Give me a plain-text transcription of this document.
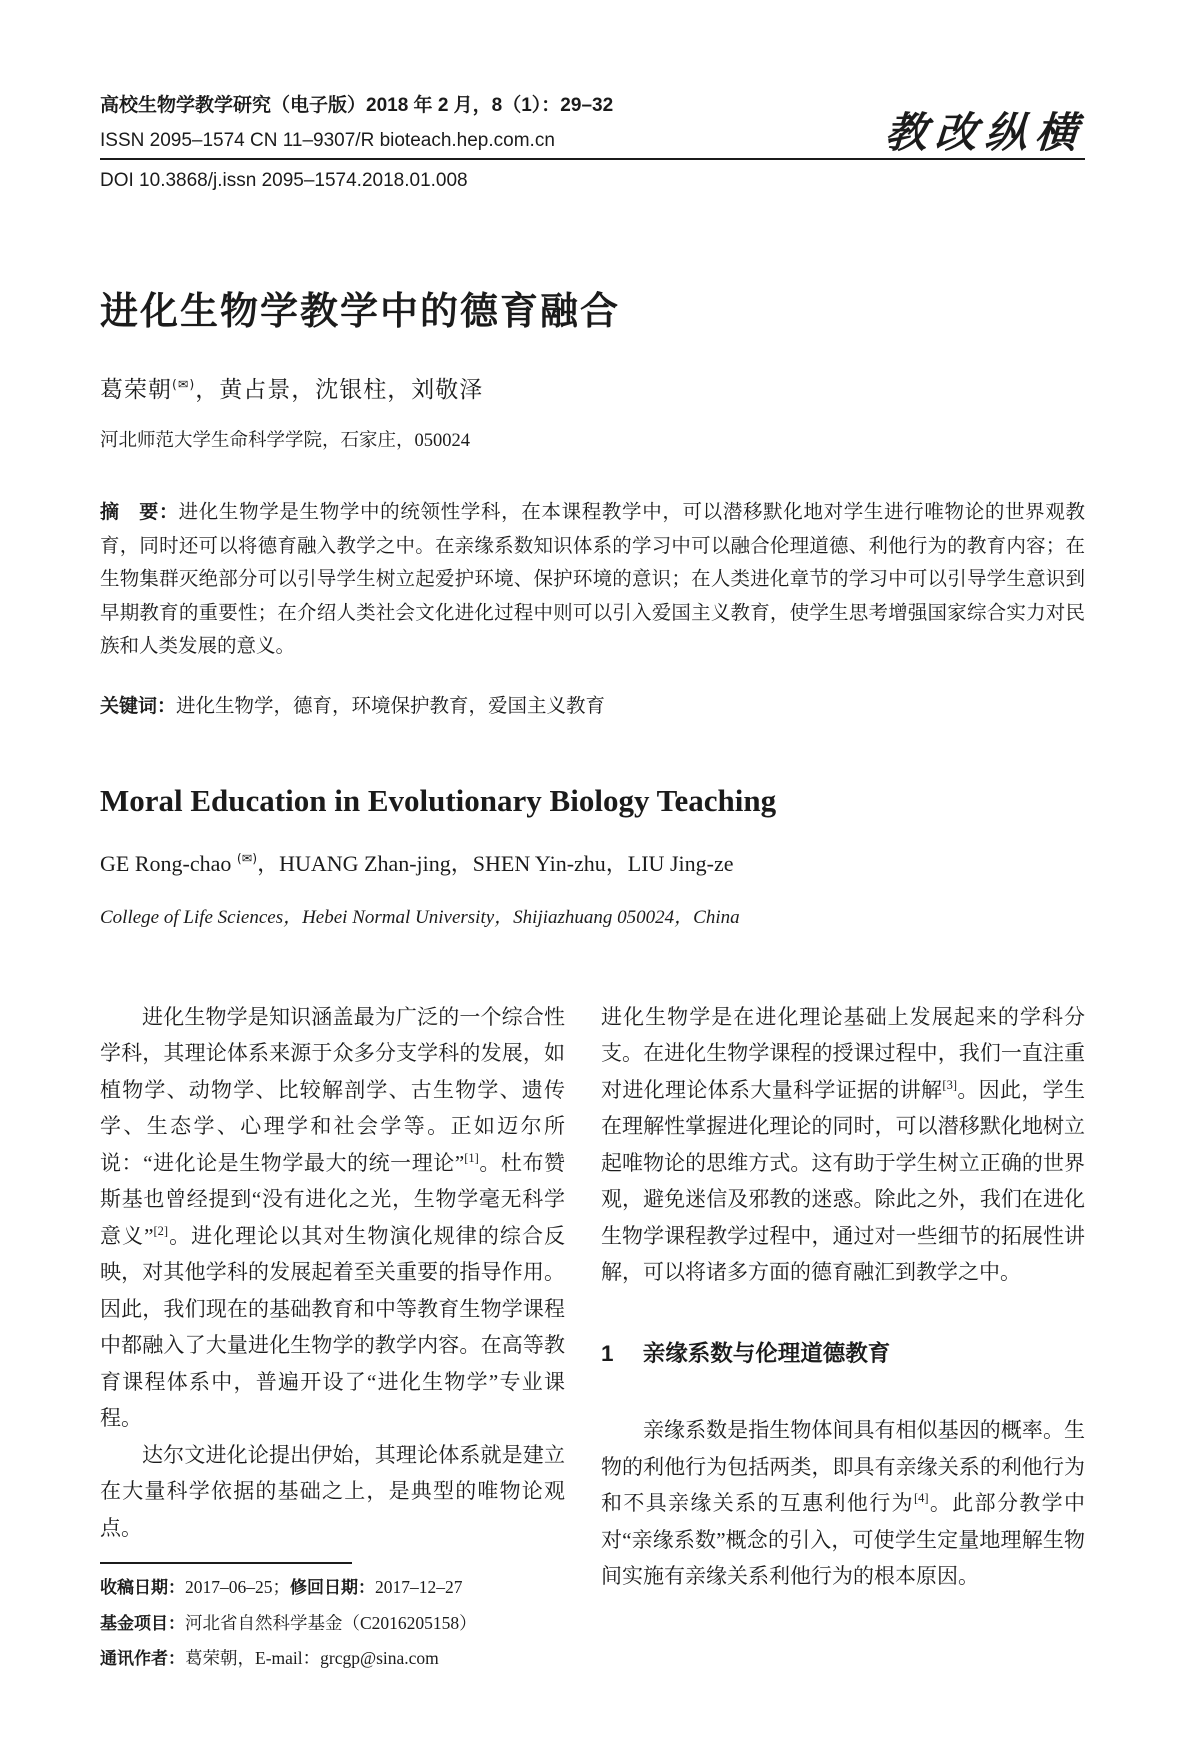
高校生物学教学研究（电子版）2018 年 2 月，8（1）：29–32
ISSN 2095–1574 CN 11–9307/R bioteach.hep.com.cn	教改纵横
DOI 10.3868/j.issn 2095–1574.2018.01.008
进化生物学教学中的德育融合
葛荣朝(✉)，黄占景，沈银柱，刘敬泽
河北师范大学生命科学学院，石家庄，050024
摘　要：进化生物学是生物学中的统领性学科，在本课程教学中，可以潜移默化地对学生进行唯物论的世界观教育，同时还可以将德育融入教学之中。在亲缘系数知识体系的学习中可以融合伦理道德、利他行为的教育内容；在生物集群灭绝部分可以引导学生树立起爱护环境、保护环境的意识；在人类进化章节的学习中可以引导学生意识到早期教育的重要性；在介绍人类社会文化进化过程中则可以引入爱国主义教育，使学生思考增强国家综合实力对民族和人类发展的意义。
关键词：进化生物学，德育，环境保护教育，爱国主义教育
Moral Education in Evolutionary Biology Teaching
GE Rong-chao (✉)，HUANG Zhan-jing，SHEN Yin-zhu，LIU Jing-ze
College of Life Sciences，Hebei Normal University，Shijiazhuang 050024，China

进化生物学是知识涵盖最为广泛的一个综合性学科，其理论体系来源于众多分支学科的发展，如植物学、动物学、比较解剖学、古生物学、遗传学、生态学、心理学和社会学等。正如迈尔所说：“进化论是生物学最大的统一理论”[1]。杜布赞斯基也曾经提到“没有进化之光，生物学毫无科学意义”[2]。进化理论以其对生物演化规律的综合反映，对其他学科的发展起着至关重要的指导作用。因此，我们现在的基础教育和中等教育生物学课程中都融入了大量进化生物学的教学内容。在高等教育课程体系中，普遍开设了“进化生物学”专业课程。

达尔文进化论提出伊始，其理论体系就是建立在大量科学依据的基础之上，是典型的唯物论观点。

收稿日期：2017–06–25；修回日期：2017–12–27
基金项目：河北省自然科学基金（C2016205158）
通讯作者：葛荣朝，E-mail：grcgp@sina.com

进化生物学是在进化理论基础上发展起来的学科分支。在进化生物学课程的授课过程中，我们一直注重对进化理论体系大量科学证据的讲解[3]。因此，学生在理解性掌握进化理论的同时，可以潜移默化地树立起唯物论的思维方式。这有助于学生树立正确的世界观，避免迷信及邪教的迷惑。除此之外，我们在进化生物学课程教学过程中，通过对一些细节的拓展性讲解，可以将诸多方面的德育融汇到教学之中。

1 亲缘系数与伦理道德教育

亲缘系数是指生物体间具有相似基因的概率。生物的利他行为包括两类，即具有亲缘关系的利他行为和不具亲缘关系的互惠利他行为[4]。此部分教学中对“亲缘系数”概念的引入，可使学生定量地理解生物间实施有亲缘关系利他行为的根本原因。
